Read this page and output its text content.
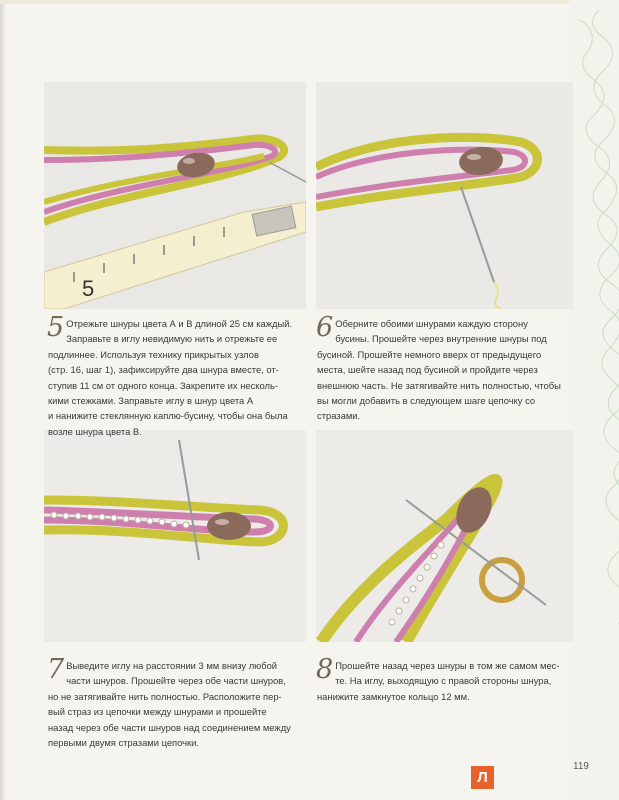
5
5 Отрежьте шнуры цвета А и В длиной 25 см каждый.

Заправьте в иглу невидимую нить и отрежьте ее

подлиннее. Используя технику прикрытых узлов

(стр. 16, шаг 1), зафиксируйте два шнура вместе, от-

ступив 11 см от одного конца. Закрепите их несколь-

кими стежками. Заправьте иглу в шнур цвета А

и нанижите стеклянную каплю-бусину, чтобы она была

возле шнура цвета В.

6 Оберните обоими шнурами каждую сторону

бусины. Прошейте через внутренние шнуры под

бусиной. Прошейте немного вверх от предыдущего

места, шейте назад под бусиной и пройдите через

внешнюю часть. Не затягивайте нить полностью, чтобы

вы могли добавить в следующем шаге цепочку со

стразами.

7 Выведите иглу на расстоянии 3 мм внизу любой

части шнуров. Прошейте через обе части шнуров,

но не затягивайте нить полностью. Расположите пер-

вый страз из цепочки между шнурами и прошейте

назад через обе части шнуров над соединением между

первыми двумя стразами цепочки.

8 Прошейте назад через шнуры в том же самом мес-

те. На иглу, выходящую с правой стороны шнура,

нанижите замкнутое кольцо 12 мм.

119
Л
